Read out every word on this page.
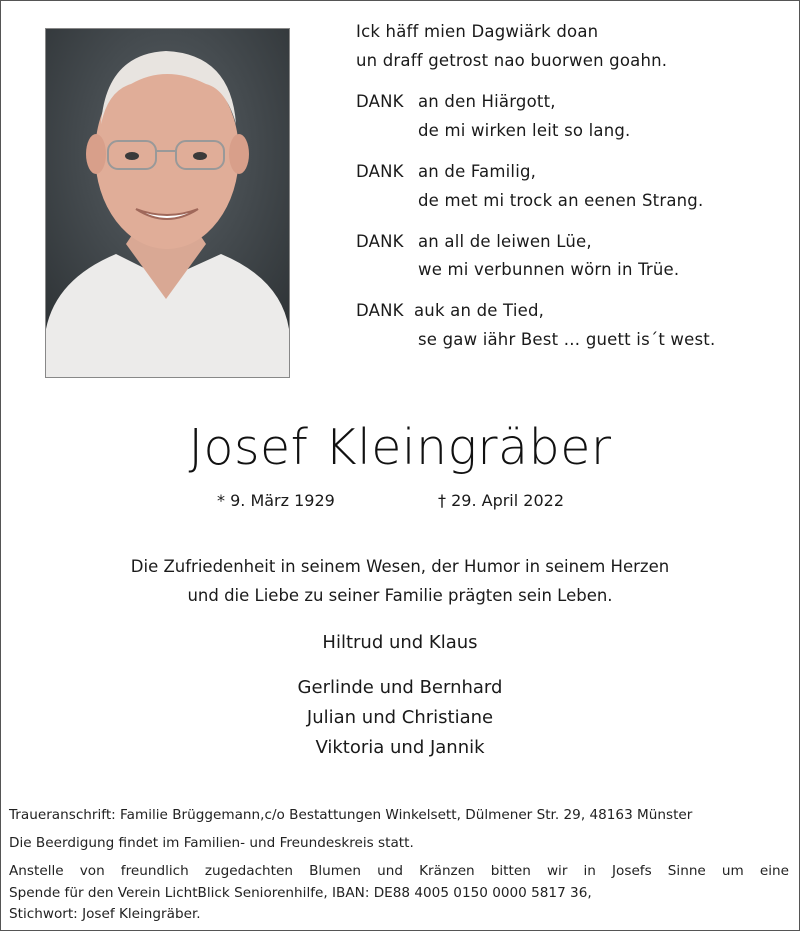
Ick häff mien Dagwiärk doan
un draff getrost nao buorwen goahn.
DANK an den Hiärgott,
de mi wirken leit so lang.
DANK an de Familig,
de met mi trock an eenen Strang.
DANK an all de leiwen Lüe,
we mi verbunnen wörn in Trüe.
DANK auk an de Tied,
se gaw iähr Best … guett is´t west.
Josef Kleingräber
* 9. März 1929	† 29. April 2022
Die Zufriedenheit in seinem Wesen, der Humor in seinem Herzen
und die Liebe zu seiner Familie prägten sein Leben.
Hiltrud und Klaus
Gerlinde und Bernhard
Julian und Christiane
Viktoria und Jannik
Traueranschrift: Familie Brüggemann,c/o Bestattungen Winkelsett, Dülmener Str. 29, 48163 Münster
Die Beerdigung findet im Familien- und Freundeskreis statt.
Anstelle von freundlich zugedachten Blumen und Kränzen bitten wir in Josefs Sinne um eine
Spende für den Verein LichtBlick Seniorenhilfe, IBAN: DE88 4005 0150 0000 5817 36,
Stichwort: Josef Kleingräber.
